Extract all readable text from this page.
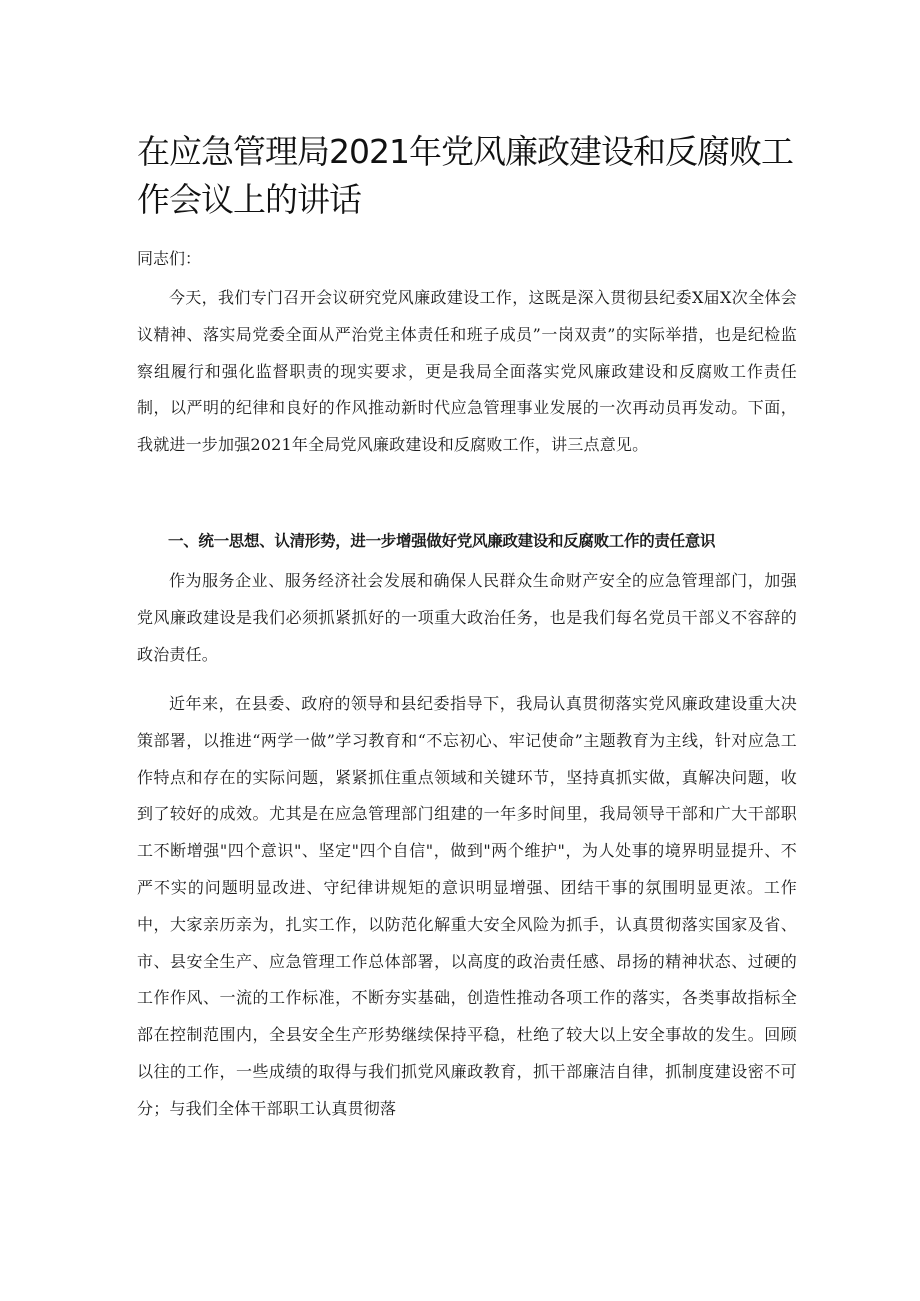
在应急管理局2021年党风廉政建设和反腐败工作会议上的讲话

同志们：

今天，我们专门召开会议研究党风廉政建设工作，这既是深入贯彻县纪委X届X次全体会议精神、落实局党委全面从严治党主体责任和班子成员”一岗双责”的实际举措，也是纪检监察组履行和强化监督职责的现实要求，更是我局全面落实党风廉政建设和反腐败工作责任制，以严明的纪律和良好的作风推动新时代应急管理事业发展的一次再动员再发动。下面，我就进一步加强2021年全局党风廉政建设和反腐败工作，讲三点意见。

一、统一思想、认清形势，进一步增强做好党风廉政建设和反腐败工作的责任意识

作为服务企业、服务经济社会发展和确保人民群众生命财产安全的应急管理部门，加强党风廉政建设是我们必须抓紧抓好的一项重大政治任务，也是我们每名党员干部义不容辞的政治责任。

近年来，在县委、政府的领导和县纪委指导下，我局认真贯彻落实党风廉政建设重大决策部署，以推进“两学一做”学习教育和“不忘初心、牢记使命”主题教育为主线，针对应急工作特点和存在的实际问题，紧紧抓住重点领域和关键环节，坚持真抓实做，真解决问题，收到了较好的成效。尤其是在应急管理部门组建的一年多时间里，我局领导干部和广大干部职工不断增强"四个意识"、坚定"四个自信"，做到"两个维护"，为人处事的境界明显提升、不严不实的问题明显改进、守纪律讲规矩的意识明显增强、团结干事的氛围明显更浓。工作中，大家亲历亲为，扎实工作，以防范化解重大安全风险为抓手，认真贯彻落实国家及省、市、县安全生产、应急管理工作总体部署，以高度的政治责任感、昂扬的精神状态、过硬的工作作风、一流的工作标准，不断夯实基础，创造性推动各项工作的落实，各类事故指标全部在控制范围内，全县安全生产形势继续保持平稳，杜绝了较大以上安全事故的发生。回顾以往的工作，一些成绩的取得与我们抓党风廉政教育，抓干部廉洁自律，抓制度建设密不可分；与我们全体干部职工认真贯彻落
